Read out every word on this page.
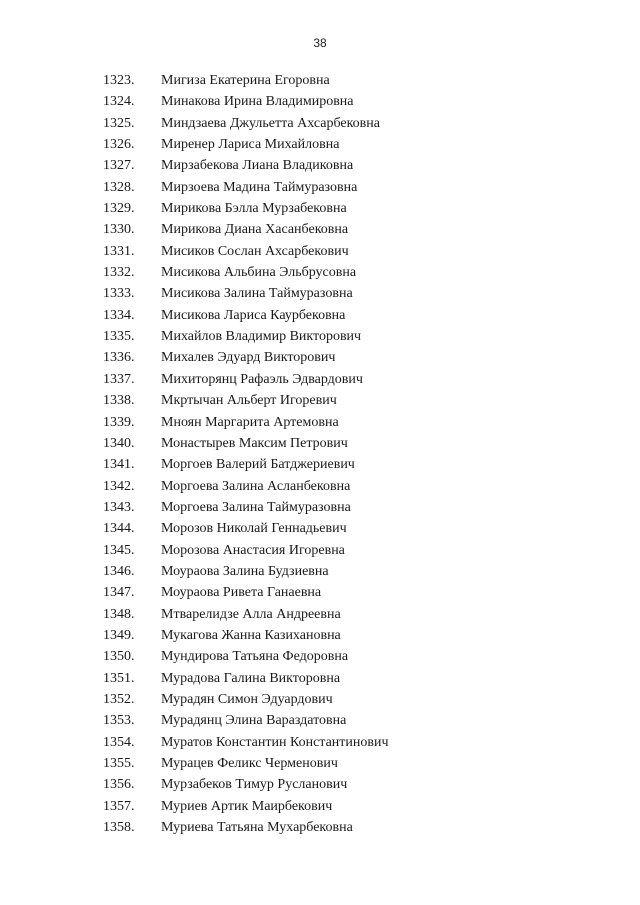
38
1323. Мигиза Екатерина Егоровна
1324. Минакова Ирина Владимировна
1325. Миндзаева Джульетта Ахсарбековна
1326. Миренер Лариса Михайловна
1327. Мирзабекова Лиана Владиковна
1328. Мирзоева Мадина Таймуразовна
1329. Мирикова Бэлла Мурзабековна
1330. Мирикова Диана Хасанбековна
1331. Мисиков Сослан Ахсарбекович
1332. Мисикова Альбина Эльбрусовна
1333. Мисикова Залина Таймуразовна
1334. Мисикова Лариса Каурбековна
1335. Михайлов Владимир Викторович
1336. Михалев Эдуард Викторович
1337. Михиторянц Рафаэль Эдвардович
1338. Мкртычан Альберт Игоревич
1339. Мноян Маргарита Артемовна
1340. Монастырев Максим Петрович
1341. Моргоев Валерий Батджериевич
1342. Моргоева Залина Асланбековна
1343. Моргоева Залина Таймуразовна
1344. Морозов Николай Геннадьевич
1345. Морозова Анастасия Игоревна
1346. Моураова Залина Будзиевна
1347. Моураова Ривета Ганаевна
1348. Мтварелидзе Алла Андреевна
1349. Мукагова Жанна Казихановна
1350. Мундирова Татьяна Федоровна
1351. Мурадова Галина Викторовна
1352. Мурадян Симон Эдуардович
1353. Мурадянц Элина Вараздатовна
1354. Муратов Константин Константинович
1355. Мурацев Феликс Черменович
1356. Мурзабеков Тимур Русланович
1357. Муриев Артик Маирбекович
1358. Муриева Татьяна Мухарбековна
